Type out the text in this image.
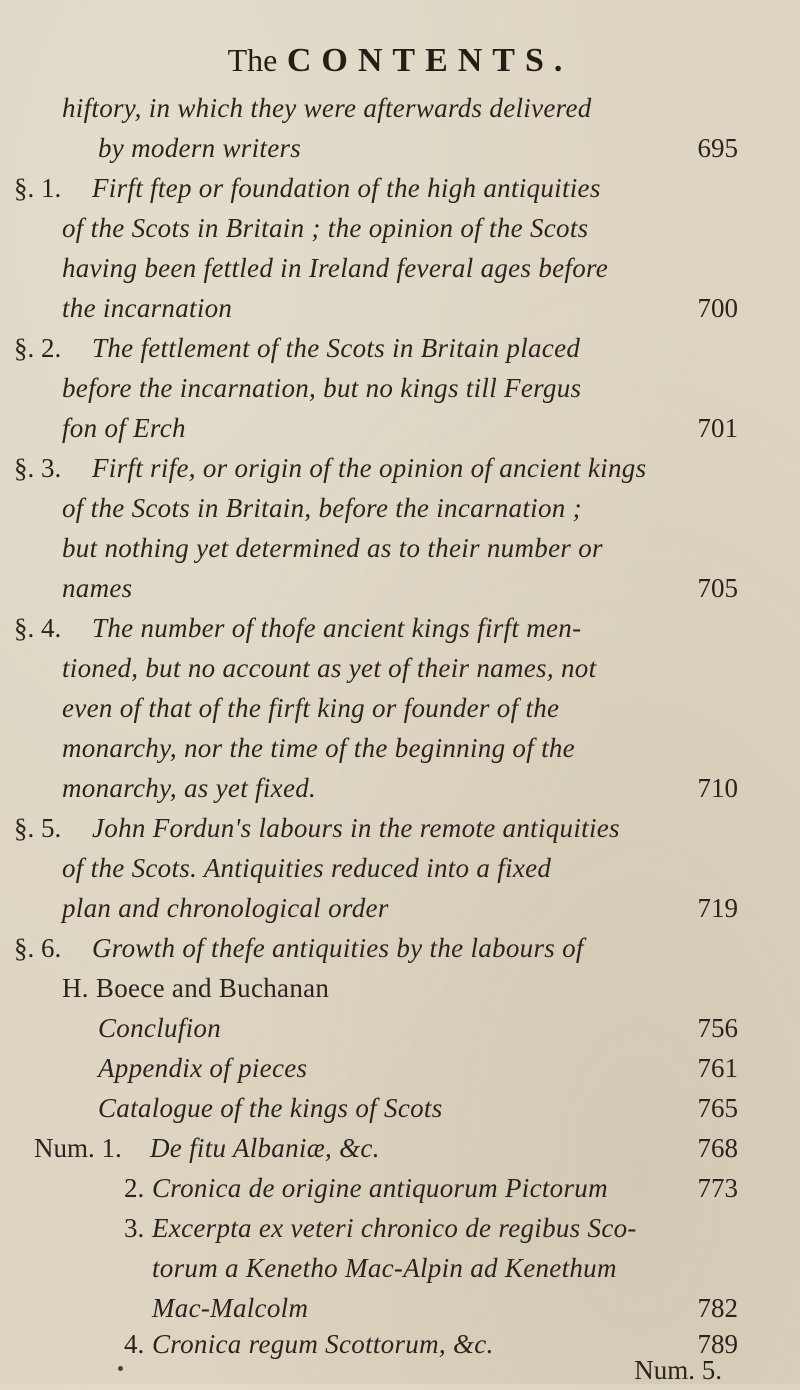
The CONTENTS.
hiftory, in which they were afterwards delivered
by modern writers	695
§. 1. Firft ftep or foundation of the high antiquities
of the Scots in Britain ; the opinion of the Scots
having been fettled in Ireland feveral ages before
the incarnation	700
§. 2. The fettlement of the Scots in Britain placed
before the incarnation, but no kings till Fergus
fon of Erch	701
§. 3. Firft rife, or origin of the opinion of ancient kings
of the Scots in Britain, before the incarnation ;
but nothing yet determined as to their number or
names	705
§. 4. The number of thofe ancient kings firft men-
tioned, but no account as yet of their names, not
even of that of the firft king or founder of the
monarchy, nor the time of the beginning of the
monarchy, as yet fixed.	710
§. 5. John Fordun's labours in the remote antiquities
of the Scots. Antiquities reduced into a fixed
plan and chronological order	719
§. 6. Growth of thefe antiquities by the labours of
H. Boece and Buchanan
Conclufion	756
Appendix of pieces	761
Catalogue of the kings of Scots	765
Num. 1. De fitu Albaniæ, &c.	768
2. Cronica de origine antiquorum Pictorum	773
3. Excerpta ex veteri chronico de regibus Sco-
torum a Kenetho Mac-Alpin ad Kenethum
Mac-Malcolm	782
4. Cronica regum Scottorum, &c.	789
Num. 5.
